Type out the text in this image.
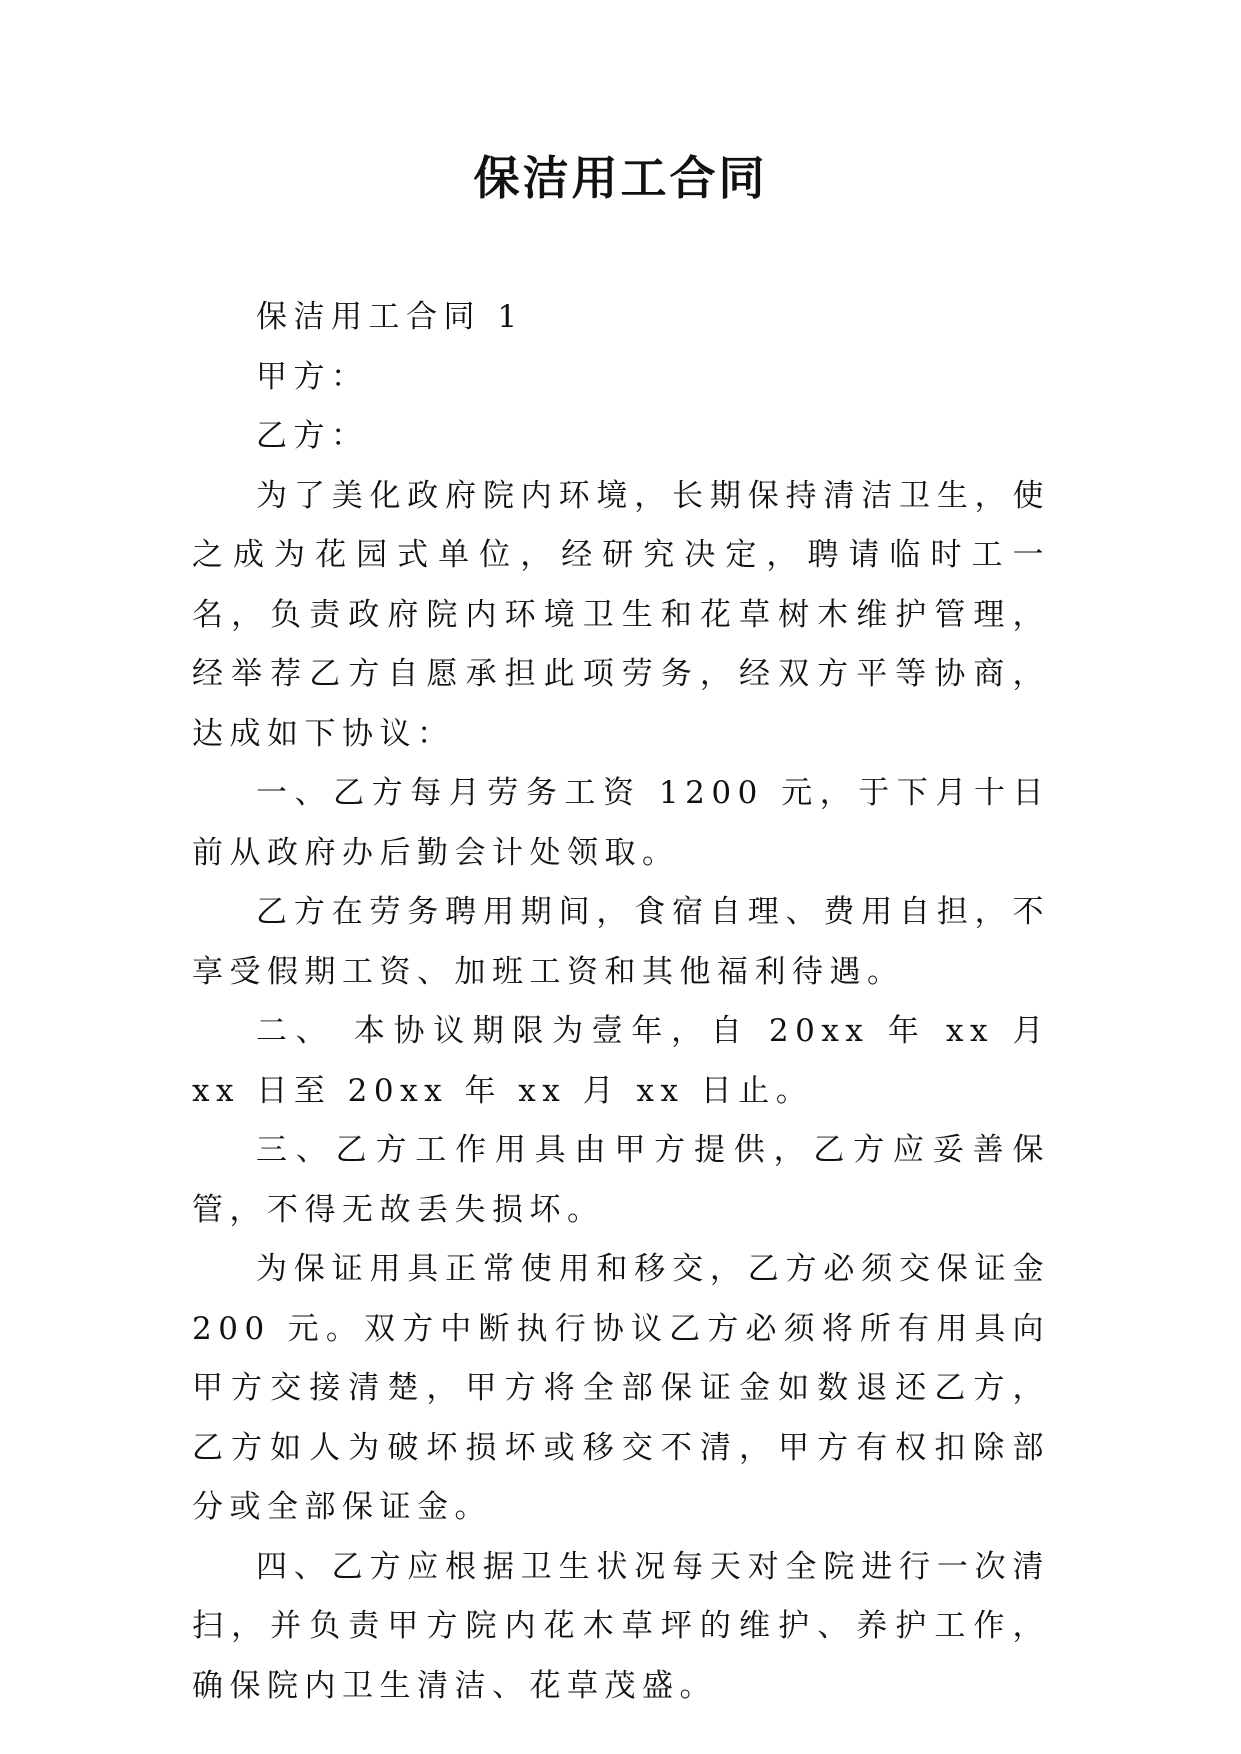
保洁用工合同

保洁用工合同 1

甲方：

乙方：

为了美化政府院内环境，长期保持清洁卫生，使之成为花园式单位，经研究决定，聘请临时工一名，负责政府院内环境卫生和花草树木维护管理，经举荐乙方自愿承担此项劳务，经双方平等协商，达成如下协议：

一、乙方每月劳务工资 1200 元，于下月十日前从政府办后勤会计处领取。

乙方在劳务聘用期间，食宿自理、费用自担，不享受假期工资、加班工资和其他福利待遇。

二、 本协议期限为壹年，自 20xx 年 xx 月 xx 日至 20xx 年 xx 月 xx 日止。

三、乙方工作用具由甲方提供，乙方应妥善保管，不得无故丢失损坏。

为保证用具正常使用和移交，乙方必须交保证金 200 元。双方中断执行协议乙方必须将所有用具向甲方交接清楚，甲方将全部保证金如数退还乙方，乙方如人为破坏损坏或移交不清，甲方有权扣除部分或全部保证金。

四、乙方应根据卫生状况每天对全院进行一次清扫，并负责甲方院内花木草坪的维护、养护工作，确保院内卫生清洁、花草茂盛。
